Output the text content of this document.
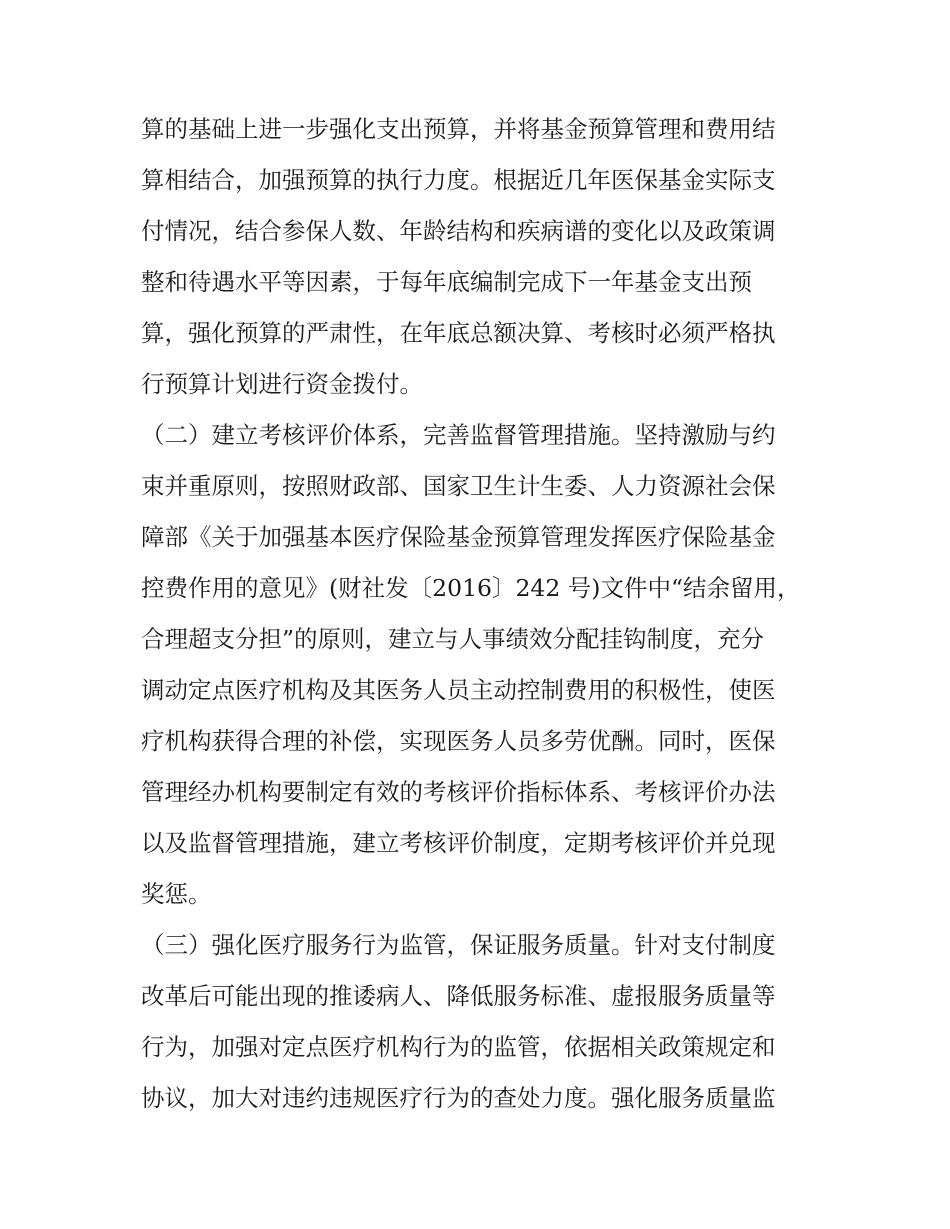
算的基础上进一步强化支出预算，并将基金预算管理和费用结
算相结合，加强预算的执行力度。根据近几年医保基金实际支
付情况，结合参保人数、年龄结构和疾病谱的变化以及政策调
整和待遇水平等因素，于每年底编制完成下一年基金支出预
算，强化预算的严肃性，在年底总额决算、考核时必须严格执
行预算计划进行资金拨付。
（二）建立考核评价体系，完善监督管理措施。坚持激励与约
束并重原则，按照财政部、国家卫生计生委、人力资源社会保
障部《关于加强基本医疗保险基金预算管理发挥医疗保险基金
控费作用的意见》(财社发〔2016〕242 号)文件中“结余留用，
合理超支分担”的原则，建立与人事绩效分配挂钩制度，充分
调动定点医疗机构及其医务人员主动控制费用的积极性，使医
疗机构获得合理的补偿，实现医务人员多劳优酬。同时，医保
管理经办机构要制定有效的考核评价指标体系、考核评价办法
以及监督管理措施，建立考核评价制度，定期考核评价并兑现
奖惩。
（三）强化医疗服务行为监管，保证服务质量。针对支付制度
改革后可能出现的推诿病人、降低服务标准、虚报服务质量等
行为，加强对定点医疗机构行为的监管，依据相关政策规定和
协议，加大对违约违规医疗行为的查处力度。强化服务质量监
